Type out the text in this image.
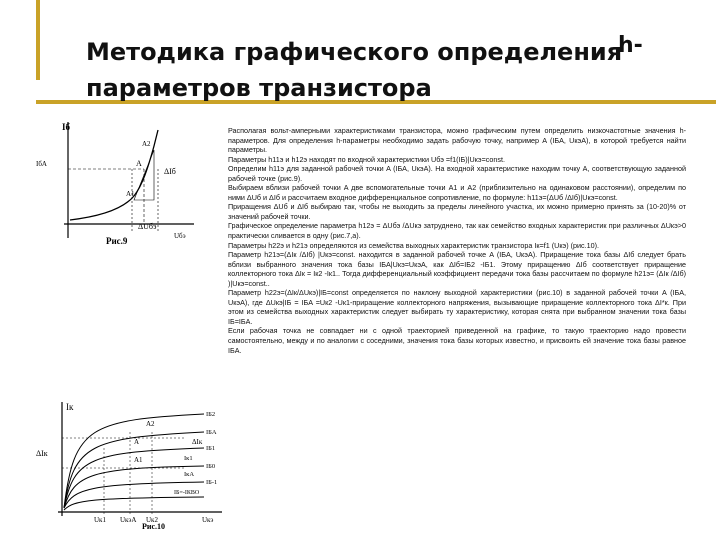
Методика графического определения
параметров транзистора
h-
Iб
IбA
A2
A
A1
ΔIб
ΔUбэ
Uбэ
Рис.9
Iк
ΔIк
ΔIк
A2
A
A1
IБ2
IБA
IБ1
IБ0
IБ-1
IБ=-IКВО
IкA
Iк1
Uк1 UкэA Uк2	Uкэ
Рис.10

Располагая вольт-амперными характеристиками транзистора, можно графическим путем определить низкочастотные значения h-параметров. Для определения h-параметры необходимо задать рабочую точку, например A (IБA, UкэA), в которой требуется найти параметры.

Параметры h11э и h12э находят по входной характеристики Uбэ =f1(IБ)|Uкэ=const.

Определим h11э для заданной рабочей точки A (IБA, UкэA). На входной характеристике находим точку A, соответствующую заданной рабочей точке (рис.9).

Выбираем вблизи рабочей точки A две вспомогательные точки A1 и A2 (приблизительно на одинаковом расстоянии), определим по ними ΔUб и ΔIб и рассчитаем входное дифференциальное сопротивление, по формуле: h11э=(ΔUб /ΔIб)|Uкэ=const.

Приращения ΔUб и ΔIб выбираю так, чтобы не выходить за пределы линейного участка, их можно примерно принять за (10-20)% от значений рабочей точки.

Графическое определение параметра h12э = ΔUбэ /ΔUкэ затруднено, так как семейство входных характеристик при различных ΔUкэ>0 практически сливается в одну (рис.7,а).

Параметры h22э и h21э определяются из семейства выходных характеристик транзистора Iк=f1 (Uкэ) (рис.10).

Параметр h21э=(ΔIк /ΔIб) |Uкэ=const. находится в заданной рабочей точке A (IБA, UкэA). Приращение тока базы ΔIб следует брать вблизи выбранного значения тока базы IБA|Uкэ=UкэA, как ΔIб=IБ2 -IБ1. Этому приращению ΔIб соответствует приращение коллекторного тока ΔIк = Iк2 -Iк1.. Тогда дифференциальный коэффициент передачи тока базы рассчитаем по формуле h21э= (ΔIк /ΔIб) )|Uкэ=const..

Параметр h22э=(ΔIк/ΔUкэ)|IБ=const определяется по наклону выходной характеристики (рис.10) в заданной рабочей точки A (IБA, UкэA), где ΔUкэ|IБ = IБA =Uк2 -Uк1-приращение коллекторного напряжения, вызывающие приращение коллекторного тока ΔI*к. При этом из семейства выходных характеристик следует выбирать ту характеристику, которая снята при выбранном значении тока базы IБ=IБA.

Если рабочая точка не совпадает ни с одной траекторией приведенной на графике, то такую траекторию надо провести самостоятельно, между и по аналогии с соседними, значения тока базы которых известно, и присвоить ей значение тока базы равное IБA.
